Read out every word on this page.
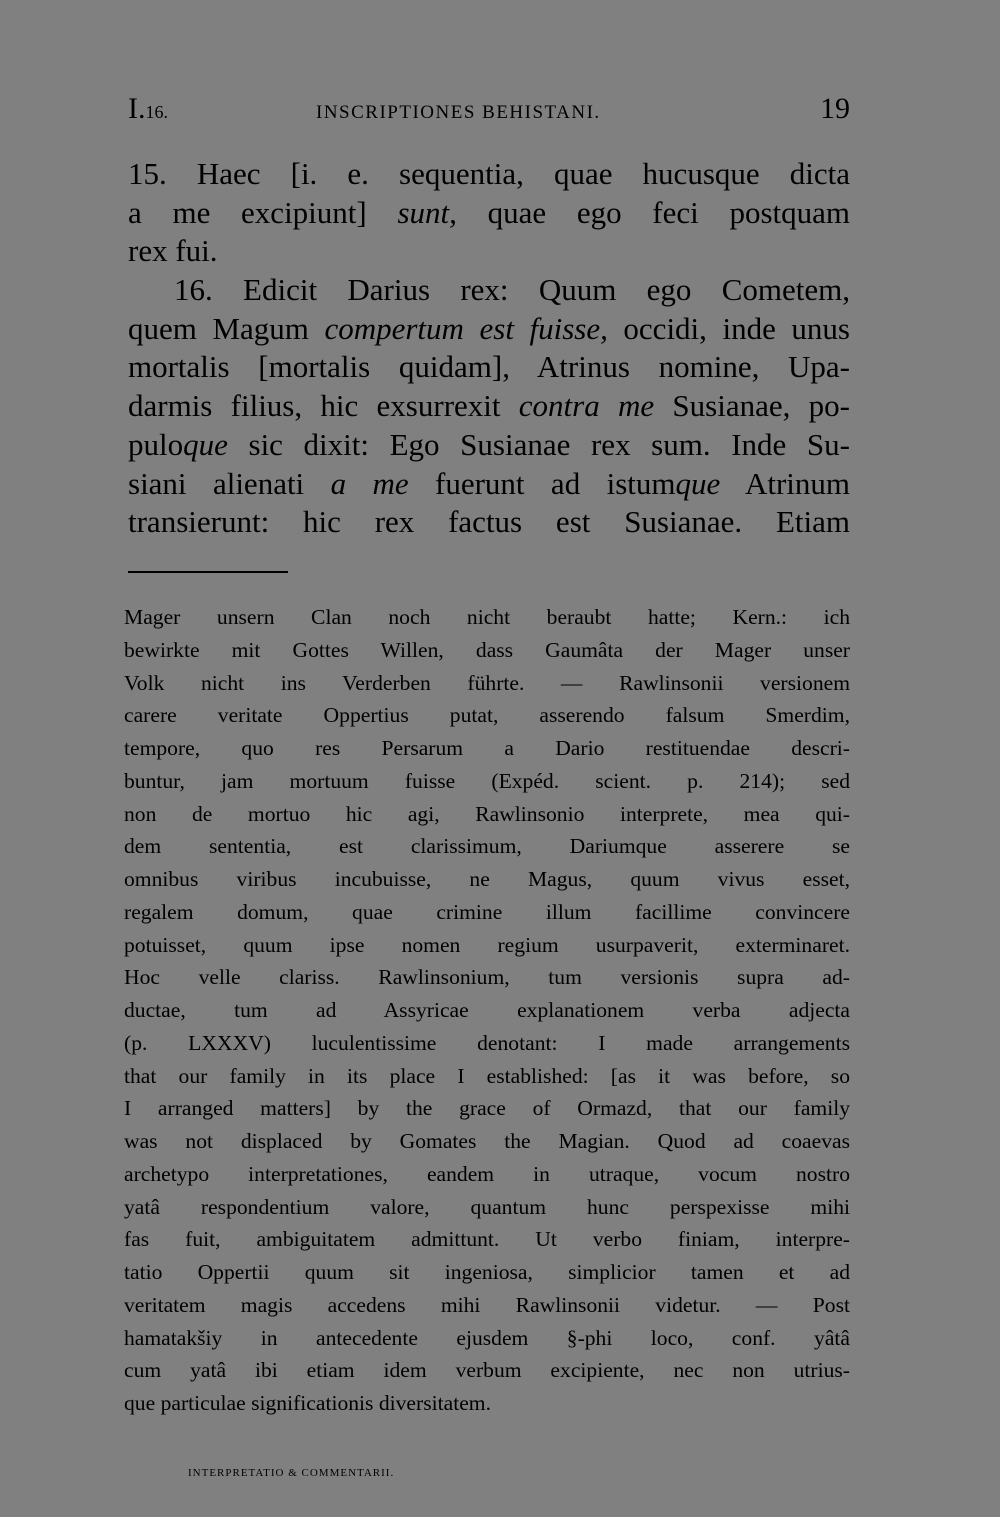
I.16.	INSCRIPTIONES BEHISTANI.	19
15. Haec [i. e. sequentia, quae hucusque dicta
a me excipiunt] sunt, quae ego feci postquam
rex fui.
16. Edicit Darius rex: Quum ego Cometem,
quem Magum compertum est fuisse, occidi, inde unus
mortalis [mortalis quidam], Atrinus nomine, Upa-
darmis filius, hic exsurrexit contra me Susianae, po-
puloque sic dixit: Ego Susianae rex sum. Inde Su-
siani alienati a me fuerunt ad istumque Atrinum
transierunt: hic rex factus est Susianae. Etiam
Mager unsern Clan noch nicht beraubt hatte; Kern.: ich
bewirkte mit Gottes Willen, dass Gaumâta der Mager unser
Volk nicht ins Verderben führte. — Rawlinsonii versionem
carere veritate Oppertius putat, asserendo falsum Smerdim,
tempore, quo res Persarum a Dario restituendae descri-
buntur, jam mortuum fuisse (Expéd. scient. p. 214); sed
non de mortuo hic agi, Rawlinsonio interprete, mea qui-
dem sententia, est clarissimum, Dariumque asserere se
omnibus viribus incubuisse, ne Magus, quum vivus esset,
regalem domum, quae crimine illum facillime convincere
potuisset, quum ipse nomen regium usurpaverit, exterminaret.
Hoc velle clariss. Rawlinsonium, tum versionis supra ad-
ductae, tum ad Assyricae explanationem verba adjecta
(p. LXXXV) luculentissime denotant: I made arrangements
that our family in its place I established: [as it was before, so
I arranged matters] by the grace of Ormazd, that our family
was not displaced by Gomates the Magian. Quod ad coaevas
archetypo interpretationes, eandem in utraque, vocum nostro
yatâ respondentium valore, quantum hunc perspexisse mihi
fas fuit, ambiguitatem admittunt. Ut verbo finiam, interpre-
tatio Oppertii quum sit ingeniosa, simplicior tamen et ad
veritatem magis accedens mihi Rawlinsonii videtur. — Post
hamatakšiy in antecedente ejusdem §-phi loco, conf. yâtâ
cum yatâ ibi etiam idem verbum excipiente, nec non utrius-
que particulae significationis diversitatem.
INTERPRETATIO & COMMENTARII.
